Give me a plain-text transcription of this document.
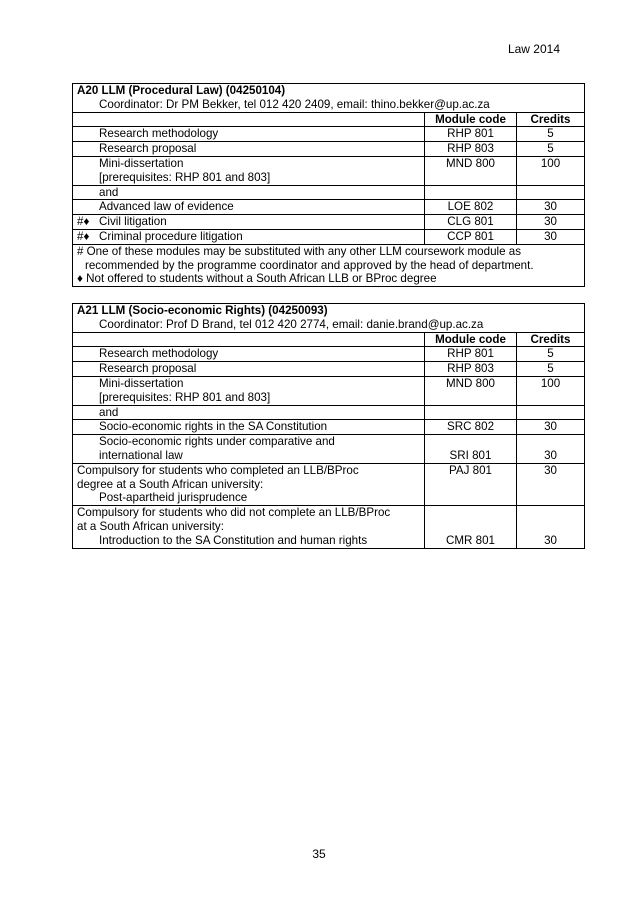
Law 2014
A20 LLM (Procedural Law) (04250104)
Coordinator: Dr PM Bekker, tel 012 420 2409, email: thino.bekker@up.ac.za		

	Module code	Credits

Research methodology	RHP 801	5

Research proposal	RHP 803	5

Mini-dissertation
[prerequisites: RHP 801 and 803]	MND 800	100

and		

Advanced law of evidence	LOE 802	30
#♦ Civil litigation	CLG 801	30
#♦ Criminal procedure litigation	CCP 801	30
# One of these modules may be substituted with any other LLM coursework module as
recommended by the programme coordinator and approved by the head of department.
♦ Not offered to students without a South African LLB or BProc degree		
A21 LLM (Socio-economic Rights) (04250093)
Coordinator: Prof D Brand, tel 012 420 2774, email: danie.brand@up.ac.za		

	Module code	Credits

Research methodology	RHP 801	5

Research proposal	RHP 803	5

Mini-dissertation
[prerequisites: RHP 801 and 803]	MND 800	100

and		

Socio-economic rights in the SA Constitution	SRC 802	30

Socio-economic rights under comparative and
international law	SRI 801	30
Compulsory for students who completed an LLB/BProc
degree at a South African university:
Post-apartheid jurisprudence	PAJ 801	30
Compulsory for students who did not complete an LLB/BProc
at a South African university:
Introduction to the SA Constitution and human rights	CMR 801	30
35
